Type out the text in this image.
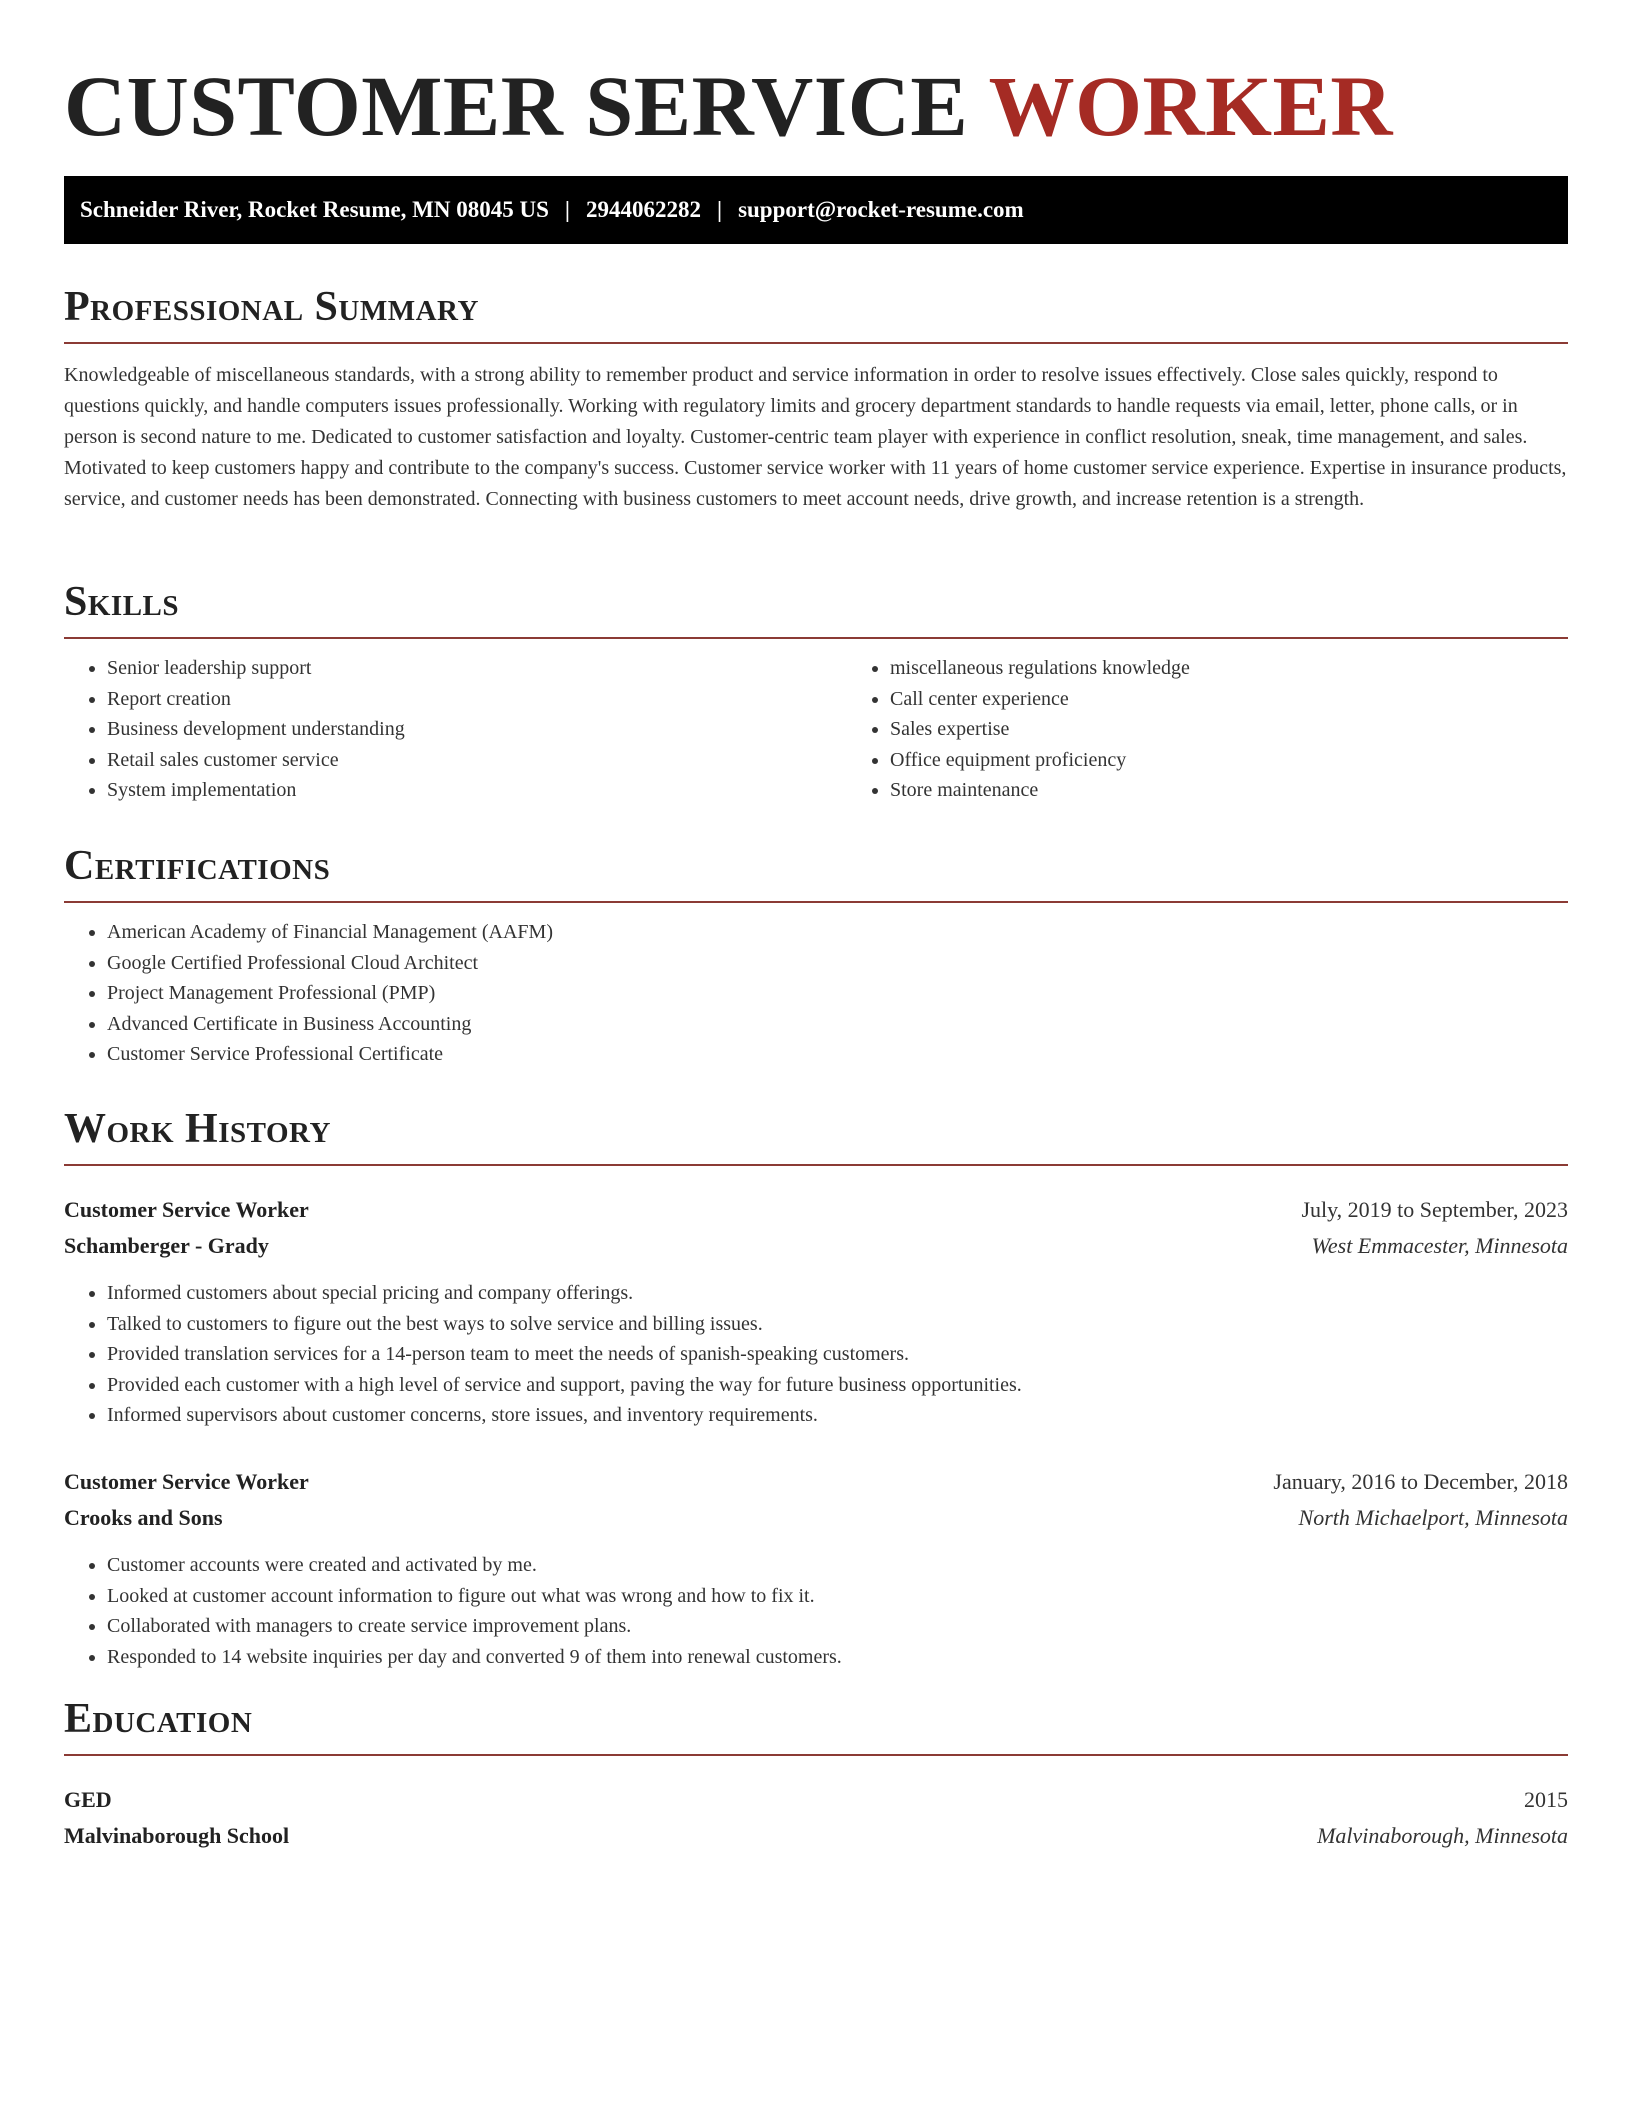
CUSTOMER SERVICE WORKER
Schneider River, Rocket Resume, MN 08045 US | 2944062282 | support@rocket-resume.com
Professional Summary

Knowledgeable of miscellaneous standards, with a strong ability to remember product and service information in order to resolve issues effectively. Close sales quickly, respond to questions quickly, and handle computers issues professionally. Working with regulatory limits and grocery department standards to handle requests via email, letter, phone calls, or in person is second nature to me. Dedicated to customer satisfaction and loyalty. Customer-centric team player with experience in conflict resolution, sneak, time management, and sales. Motivated to keep customers happy and contribute to the company's success. Customer service worker with 11 years of home customer service experience. Expertise in insurance products, service, and customer needs has been demonstrated. Connecting with business customers to meet account needs, drive growth, and increase retention is a strength.

Skills
• Senior leadership support
• Report creation
• Business development understanding
• Retail sales customer service
• System implementation
• miscellaneous regulations knowledge
• Call center experience
• Sales expertise
• Office equipment proficiency
• Store maintenance
Certifications
• American Academy of Financial Management (AAFM)
• Google Certified Professional Cloud Architect
• Project Management Professional (PMP)
• Advanced Certificate in Business Accounting
• Customer Service Professional Certificate
Work History
Customer Service Worker	July, 2019 to September, 2023
Schamberger - Grady	West Emmacester, Minnesota
• Informed customers about special pricing and company offerings.
• Talked to customers to figure out the best ways to solve service and billing issues.
• Provided translation services for a 14-person team to meet the needs of spanish-speaking customers.
• Provided each customer with a high level of service and support, paving the way for future business opportunities.
• Informed supervisors about customer concerns, store issues, and inventory requirements.
Customer Service Worker	January, 2016 to December, 2018
Crooks and Sons	North Michaelport, Minnesota
• Customer accounts were created and activated by me.
• Looked at customer account information to figure out what was wrong and how to fix it.
• Collaborated with managers to create service improvement plans.
• Responded to 14 website inquiries per day and converted 9 of them into renewal customers.
Education
GED	2015
Malvinaborough School	Malvinaborough, Minnesota
